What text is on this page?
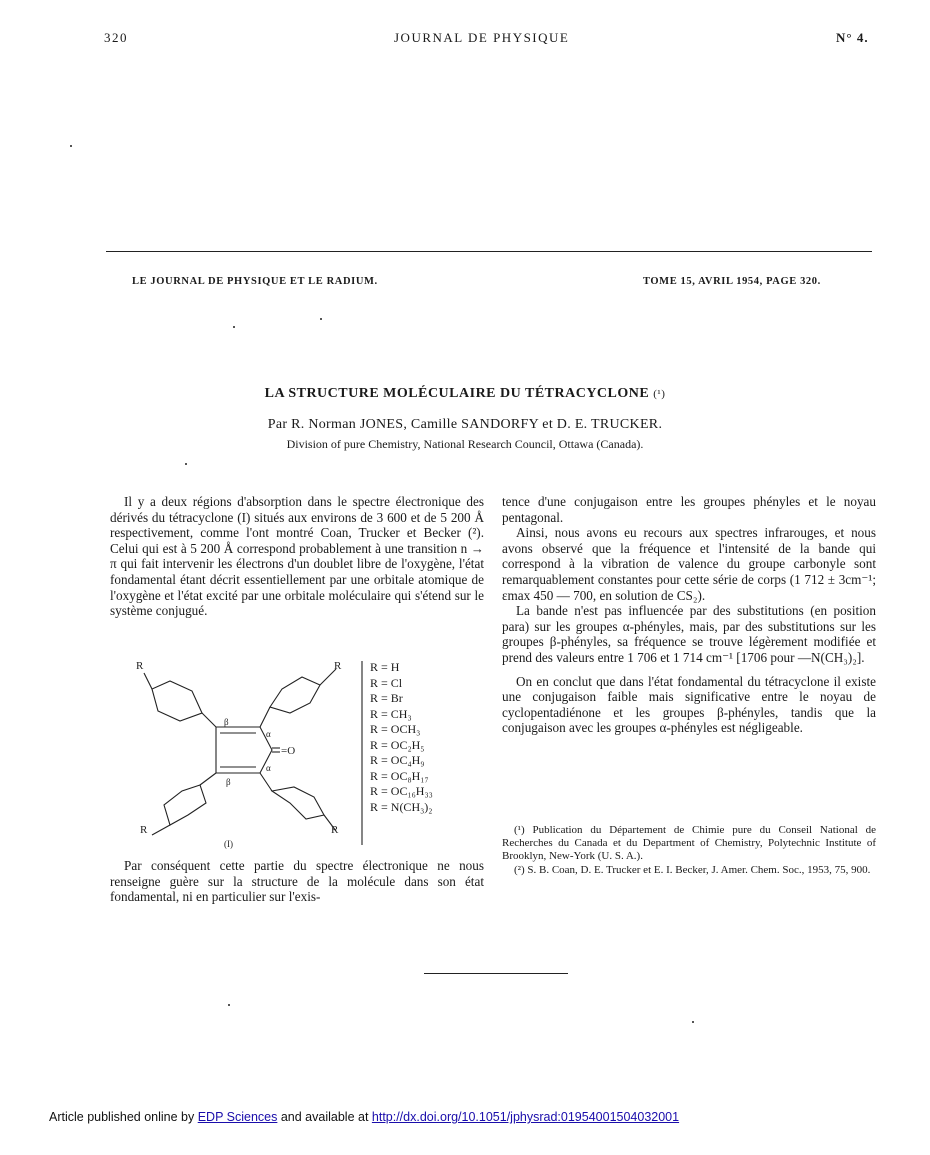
320	JOURNAL DE PHYSIQUE	N° 4.
LE JOURNAL DE PHYSIQUE ET LE RADIUM.	TOME 15, AVRIL 1954, PAGE 320.
LA STRUCTURE MOLÉCULAIRE DU TÉTRACYCLONE (¹)
Par R. Norman JONES, Camille SANDORFY et D. E. TRUCKER.
Division of pure Chemistry, National Research Council, Ottawa (Canada).

Il y a deux régions d'absorption dans le spectre électronique des dérivés du tétracyclone (I) situés aux environs de 3 600 et de 5 200 Å respectivement, comme l'ont montré Coan, Trucker et Becker (²). Celui qui est à 5 200 Å correspond probablement à une transition n → π qui fait intervenir les électrons d'un doublet libre de l'oxygène, l'état fondamental étant décrit essentiellement par une orbitale atomique de l'oxygène et l'état excité par une orbitale moléculaire qui s'étend sur le système conjugué.

R	R
R	R
β
β
α
α
=O
(I)
R = H
R = Cl
R = Br
R = CH₃
R = OCH₃
R = OC₂H₅
R = OC₄H₉
R = OC₈H₁₇
R = OC₁₆H₃₃
R = N(CH₃)₂

Par conséquent cette partie du spectre électronique ne nous renseigne guère sur la structure de la molécule dans son état fondamental, ni en particulier sur l'exis-

tence d'une conjugaison entre les groupes phényles et le noyau pentagonal.

Ainsi, nous avons eu recours aux spectres infrarouges, et nous avons observé que la fréquence et l'intensité de la bande qui correspond à la vibration de valence du groupe carbonyle sont remarquablement constantes pour cette série de corps (1 712 ± 3cm⁻¹; εmax 450 — 700, en solution de CS₂).

La bande n'est pas influencée par des substitutions (en position para) sur les groupes α-phényles, mais, par des substitutions sur les groupes β-phényles, sa fréquence se trouve légèrement modifiée et prend des valeurs entre 1 706 et 1 714 cm⁻¹ [1706 pour —N(CH₃)₂].

On en conclut que dans l'état fondamental du tétracyclone il existe une conjugaison faible mais significative entre le noyau de cyclopentadiénone et les groupes β-phényles, tandis que la conjugaison avec les groupes α-phényles est négligeable.

(¹) Publication du Département de Chimie pure du Conseil National de Recherches du Canada et du Department of Chemistry, Polytechnic Institute of Brooklyn, New-York (U. S. A.).

(²) S. B. Coan, D. E. Trucker et E. I. Becker, J. Amer. Chem. Soc., 1953, 75, 900.

Article published online by EDP Sciences and available at http://dx.doi.org/10.1051/jphysrad:01954001504032001
